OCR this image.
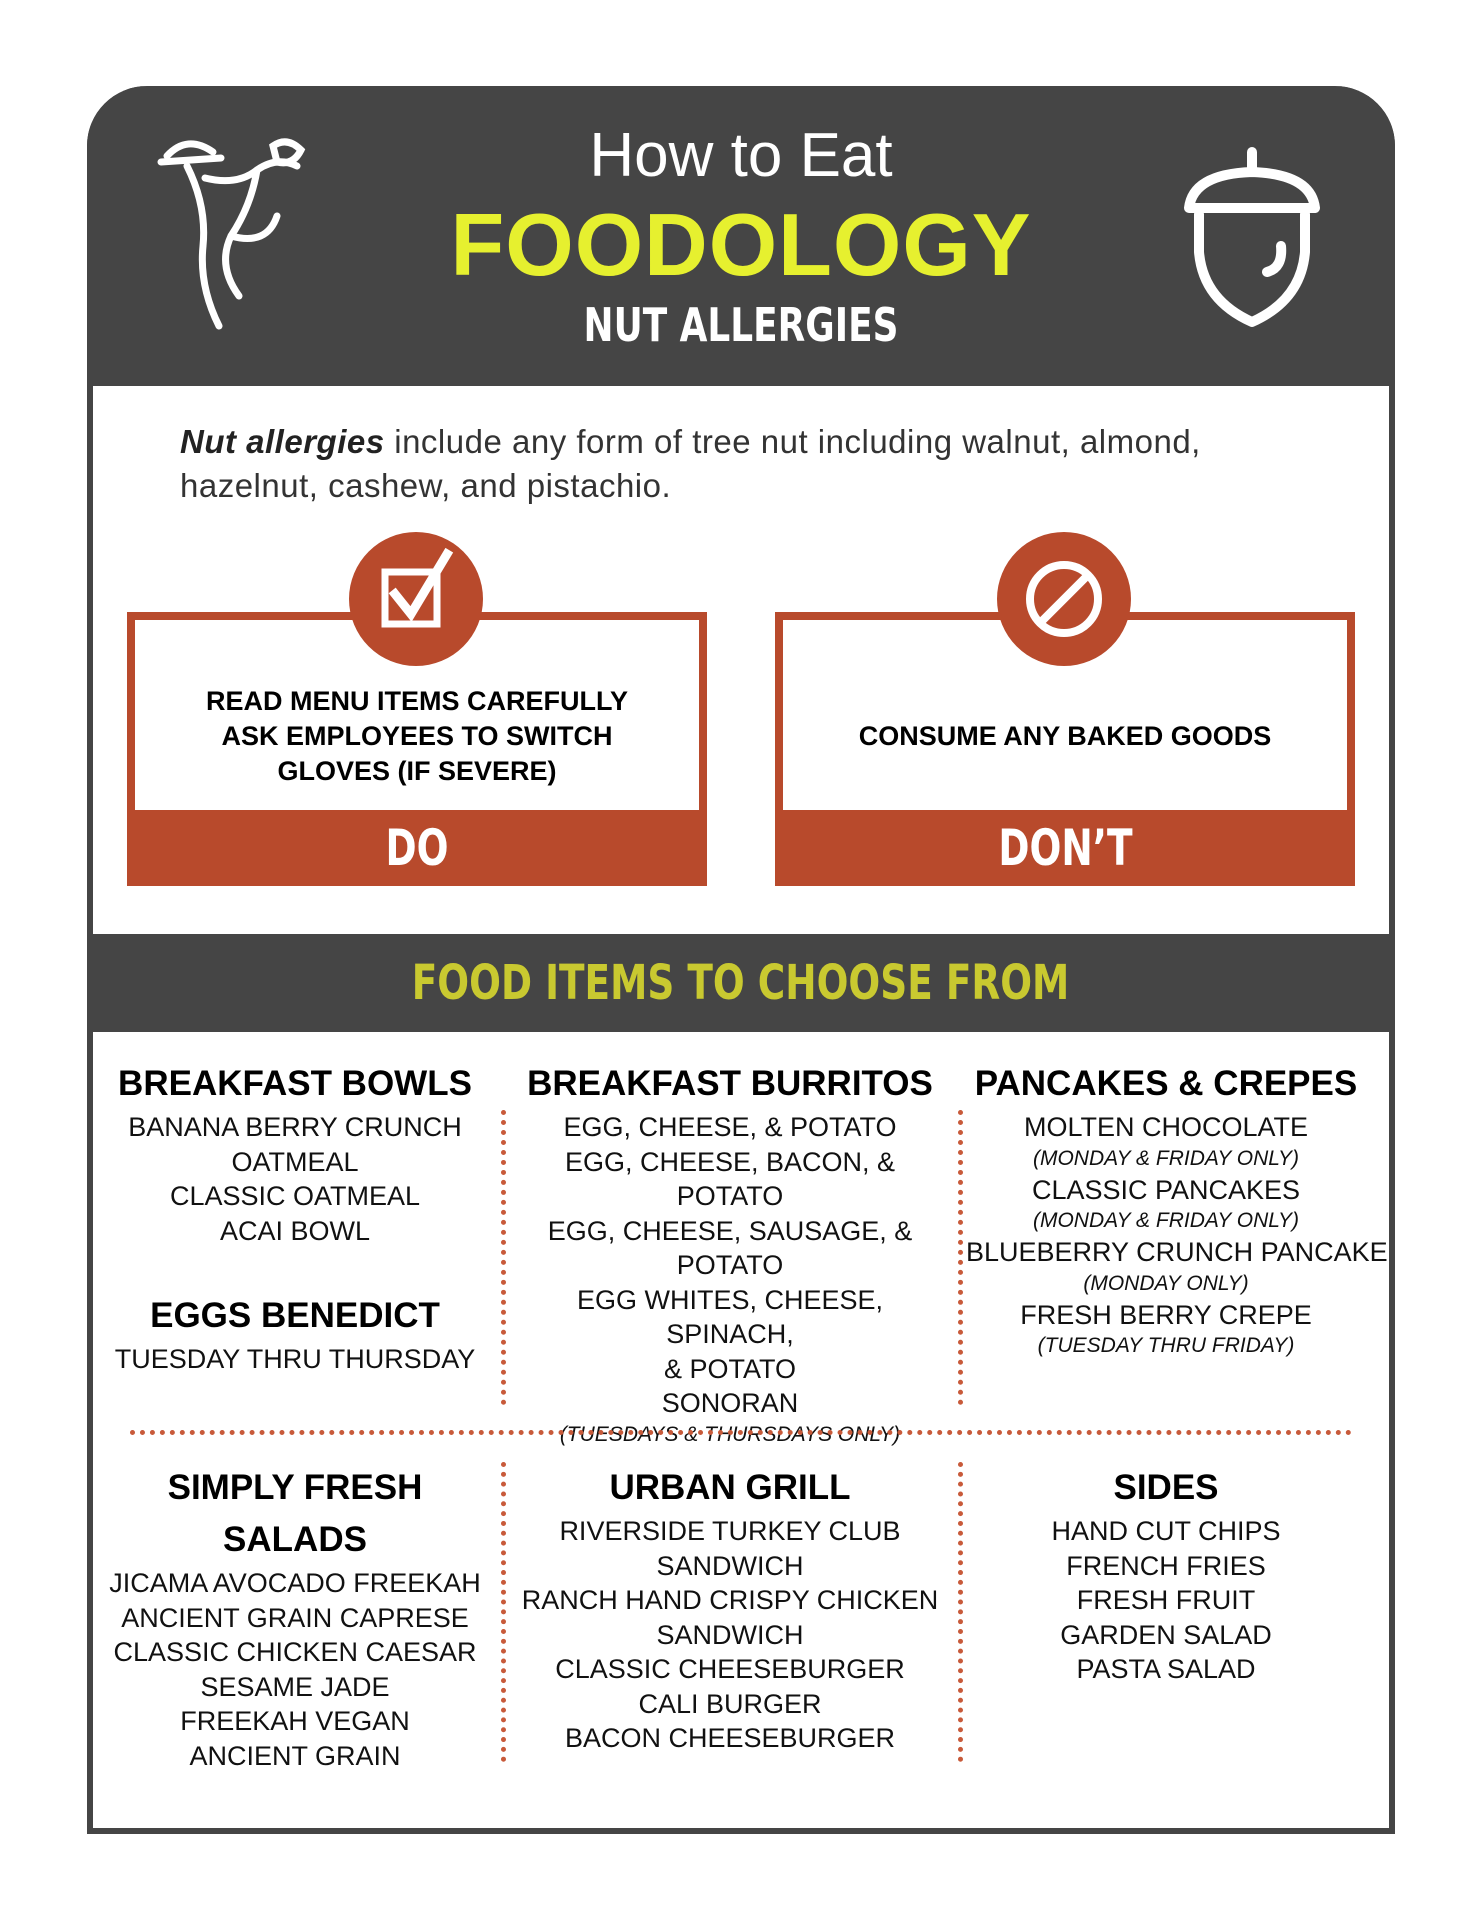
How to Eat
FOODOLOGY
NUT ALLERGIES
Nut allergies include any form of tree nut including walnut, almond, hazelnut, cashew, and pistachio.
READ MENU ITEMS CAREFULLY
ASK EMPLOYEES TO SWITCH
GLOVES (IF SEVERE)
DO
CONSUME ANY BAKED GOODS
DON’T
FOOD ITEMS TO CHOOSE FROM
BREAKFAST BOWLS
BANANA BERRY CRUNCH
OATMEAL
CLASSIC OATMEAL
ACAI BOWL
EGGS BENEDICT
TUESDAY THRU THURSDAY
BREAKFAST BURRITOS
EGG, CHEESE, & POTATO
EGG, CHEESE, BACON, & POTATO
EGG, CHEESE, SAUSAGE, &
POTATO
EGG WHITES, CHEESE, SPINACH,
& POTATO
SONORAN
(TUESDAYS & THURSDAYS ONLY)
PANCAKES & CREPES
MOLTEN CHOCOLATE
(MONDAY & FRIDAY ONLY)
CLASSIC PANCAKES
(MONDAY & FRIDAY ONLY)
BLUEBERRY CRUNCH PANCAKE
(MONDAY ONLY)
FRESH BERRY CREPE
(TUESDAY THRU FRIDAY)
SIMPLY FRESH
SALADS
JICAMA AVOCADO FREEKAH
ANCIENT GRAIN CAPRESE
CLASSIC CHICKEN CAESAR
SESAME JADE
FREEKAH VEGAN
ANCIENT GRAIN
URBAN GRILL
RIVERSIDE TURKEY CLUB
SANDWICH
RANCH HAND CRISPY CHICKEN
SANDWICH
CLASSIC CHEESEBURGER
CALI BURGER
BACON CHEESEBURGER
SIDES
HAND CUT CHIPS
FRENCH FRIES
FRESH FRUIT
GARDEN SALAD
PASTA SALAD
